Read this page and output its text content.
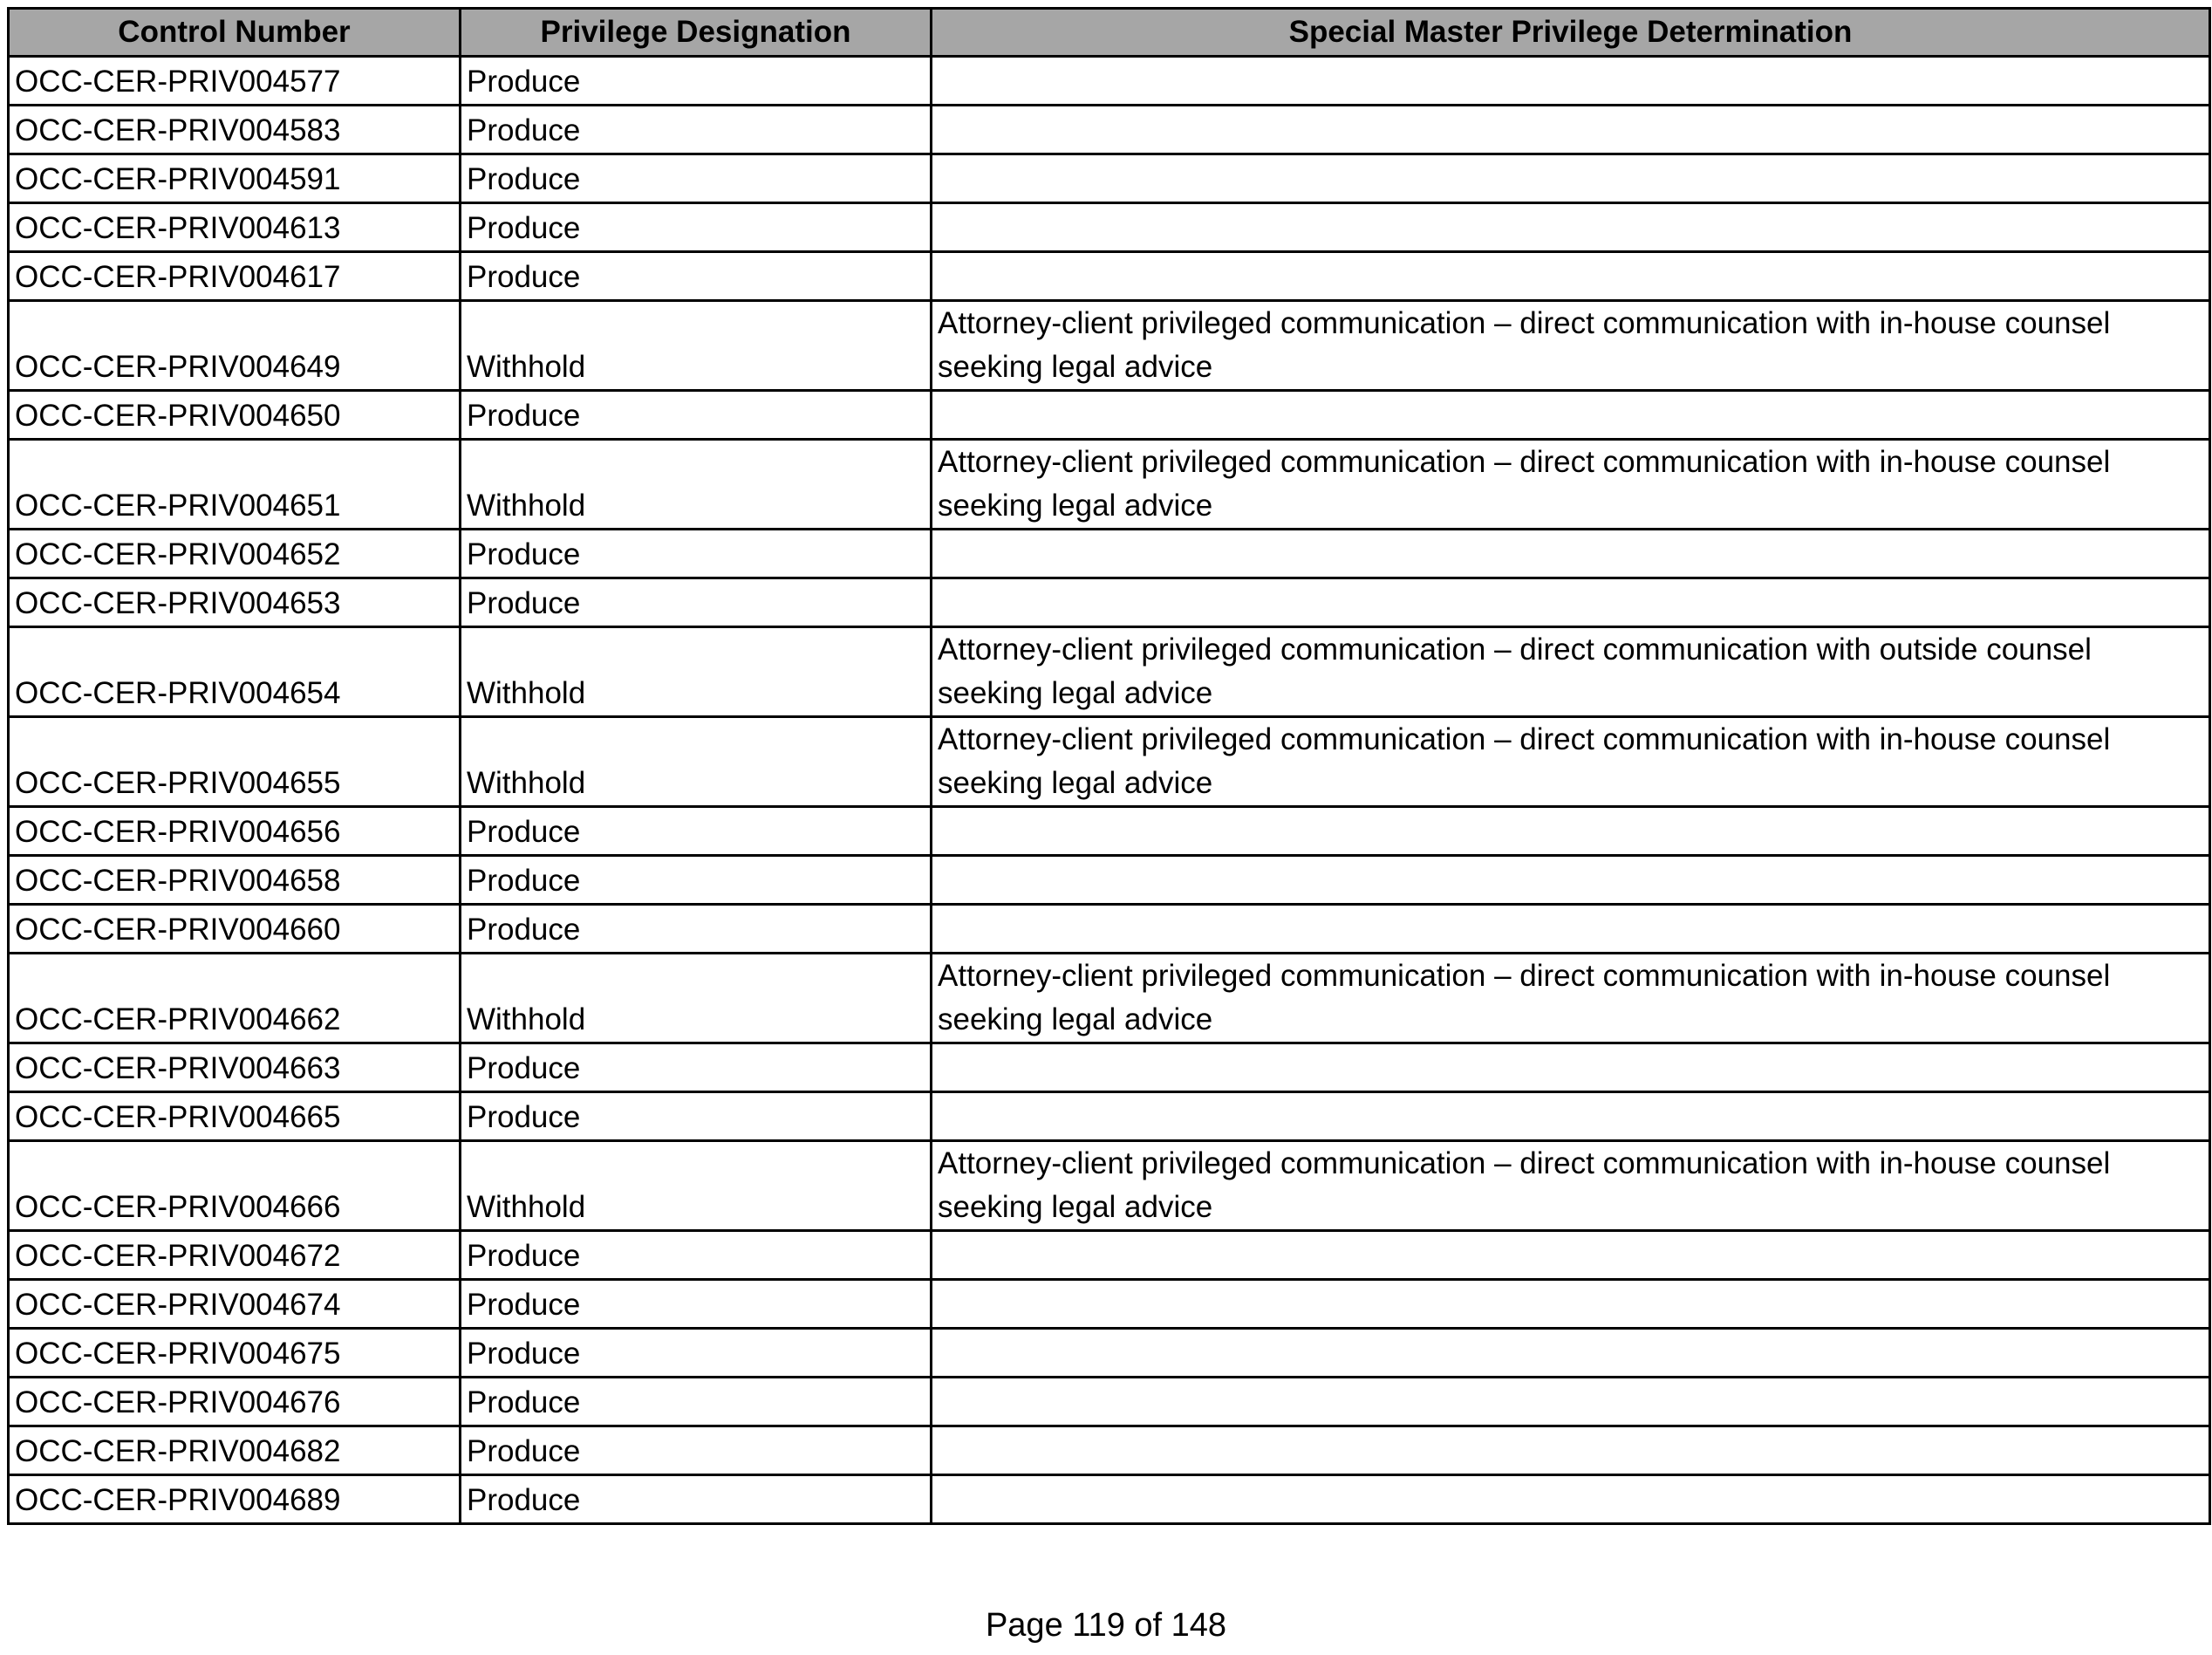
Control Number	Privilege Designation	Special Master Privilege Determination
OCC-CER-PRIV004577	Produce	
OCC-CER-PRIV004583	Produce	
OCC-CER-PRIV004591	Produce	
OCC-CER-PRIV004613	Produce	
OCC-CER-PRIV004617	Produce	
OCC-CER-PRIV004649	Withhold	Attorney-client privileged communication – direct communication with in-house counsel seeking legal advice
OCC-CER-PRIV004650	Produce	
OCC-CER-PRIV004651	Withhold	Attorney-client privileged communication – direct communication with in-house counsel seeking legal advice
OCC-CER-PRIV004652	Produce	
OCC-CER-PRIV004653	Produce	
OCC-CER-PRIV004654	Withhold	Attorney-client privileged communication – direct communication with outside counsel seeking legal advice
OCC-CER-PRIV004655	Withhold	Attorney-client privileged communication – direct communication with in-house counsel seeking legal advice
OCC-CER-PRIV004656	Produce	
OCC-CER-PRIV004658	Produce	
OCC-CER-PRIV004660	Produce	
OCC-CER-PRIV004662	Withhold	Attorney-client privileged communication – direct communication with in-house counsel seeking legal advice
OCC-CER-PRIV004663	Produce	
OCC-CER-PRIV004665	Produce	
OCC-CER-PRIV004666	Withhold	Attorney-client privileged communication – direct communication with in-house counsel seeking legal advice
OCC-CER-PRIV004672	Produce	
OCC-CER-PRIV004674	Produce	
OCC-CER-PRIV004675	Produce	
OCC-CER-PRIV004676	Produce	
OCC-CER-PRIV004682	Produce	
OCC-CER-PRIV004689	Produce	
Page 119 of 148
